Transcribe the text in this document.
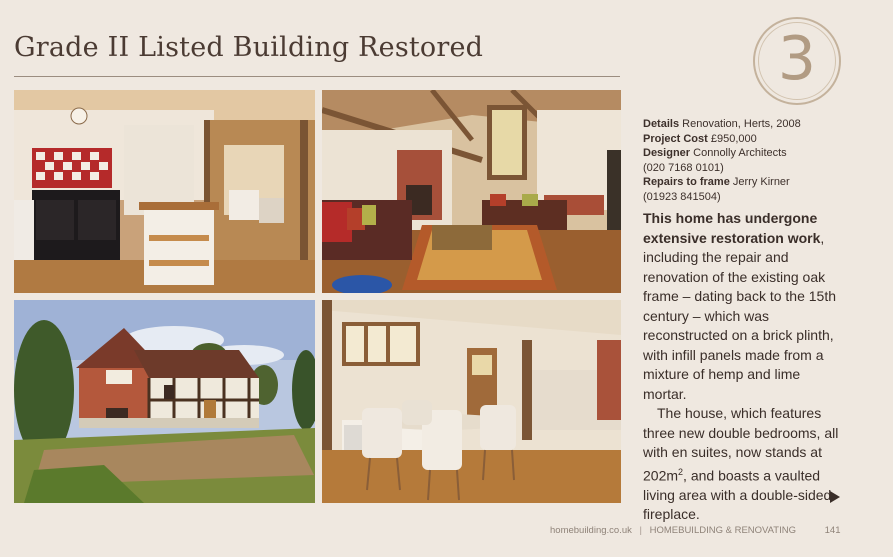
Grade II Listed Building Restored	3
Details Renovation, Herts, 2008
Project Cost £950,000
Designer Connolly Architects
(020 7168 0101)
Repairs to frame Jerry Kirner
(01923 841504)

This home has undergone extensive restoration work, including the repair and renovation of the existing oak frame – dating back to the 15th century – which was reconstructed on a brick plinth, with infill panels made from a mixture of hemp and lime mortar.

The house, which features three new double bedrooms, all with en suites, now stands at $202m^2$, and boasts a vaulted living area with a double-sided fireplace.

homebuilding.co.uk | HOMEBUILDING & RENOVATING	141
